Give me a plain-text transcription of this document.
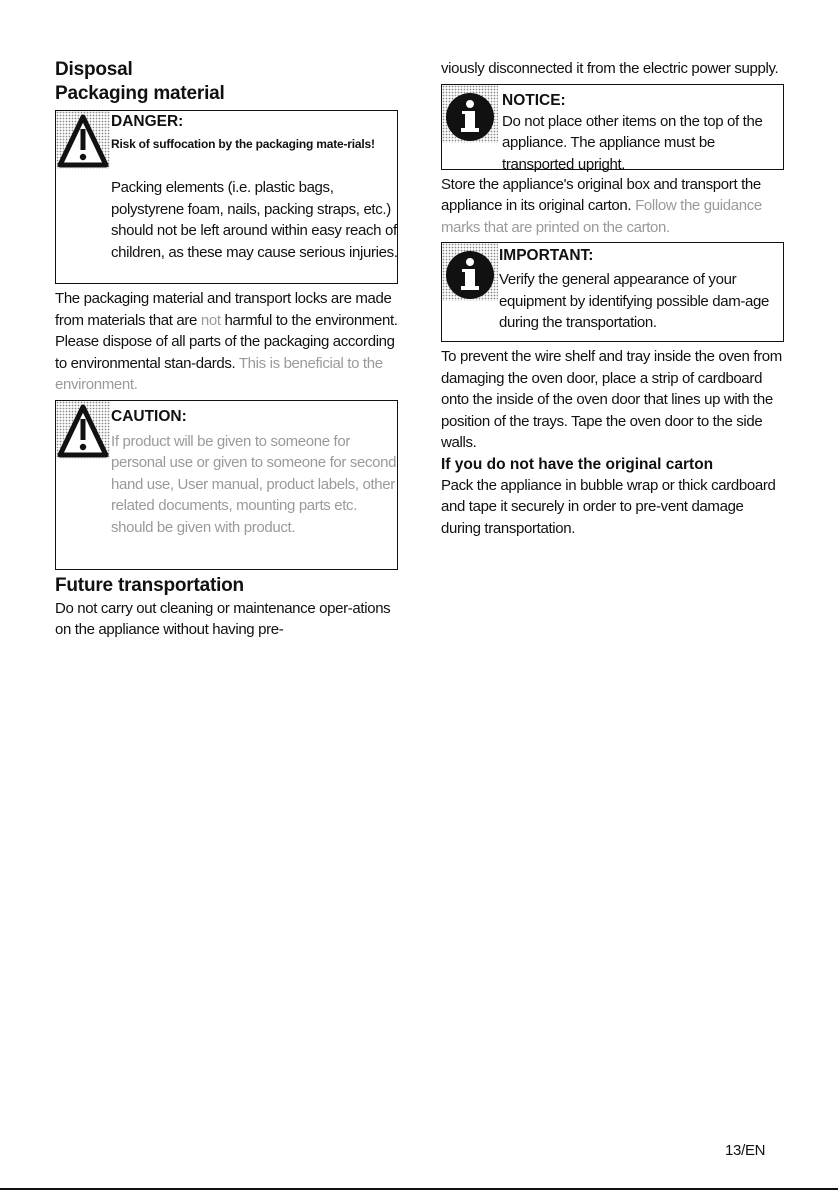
Disposal
Packaging material
DANGER:
Risk of suffocation by the packaging mate-rials!
Packing elements (i.e. plastic bags, polystyrene foam, nails, packing straps, etc.) should not be left around within easy reach of children, as these may cause serious injuries.

The packaging material and transport locks are made from materials that are not harmful to the environment. Please dispose of all parts of the packaging according to environmental stan-dards. This is beneficial to the environment.

CAUTION:
If product will be given to someone for personal use or given to someone for second hand use, User manual, product labels, other related documents, mounting parts etc. should be given with product.
Future transportation

Do not carry out cleaning or maintenance oper-ations on the appliance without having pre-

viously disconnected it from the electric power supply.

NOTICE:
Do not place other items on the top of the appliance. The appliance must be transported upright.

Store the appliance's original box and transport the appliance in its original carton. Follow the guidance marks that are printed on the carton.

IMPORTANT:
Verify the general appearance of your equipment by identifying possible dam-age during the transportation.

To prevent the wire shelf and tray inside the oven from damaging the oven door, place a strip of cardboard onto the inside of the oven door that lines up with the position of the trays. Tape the oven door to the side walls.

If you do not have the original carton

Pack the appliance in bubble wrap or thick cardboard and tape it securely in order to pre-vent damage during transportation.

13/EN
